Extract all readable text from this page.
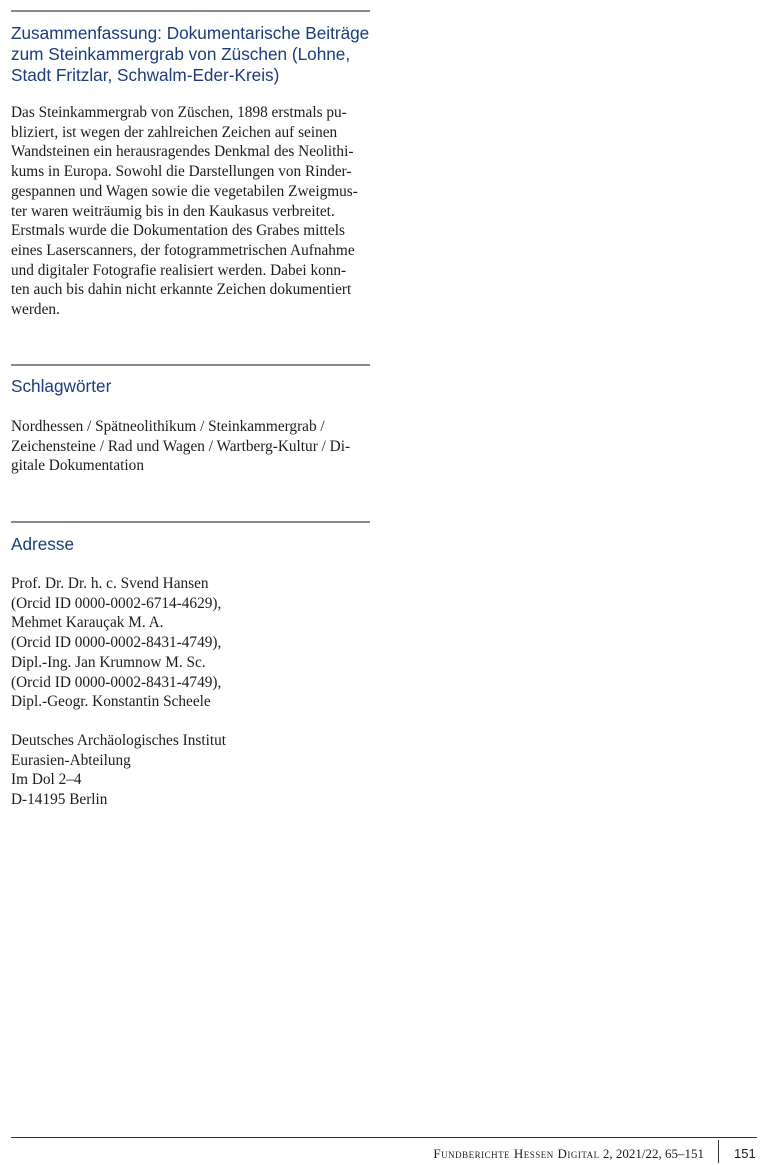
Zusammenfassung: Dokumentarische Beiträge zum Steinkammergrab von Züschen (Lohne, Stadt Fritzlar, Schwalm-Eder-Kreis)
Das Steinkammergrab von Züschen, 1898 erstmals pu-
bliziert, ist wegen der zahlreichen Zeichen auf seinen
Wandsteinen ein herausragendes Denkmal des Neolithi-
kums in Europa. Sowohl die Darstellungen von Rinder-
gespannen und Wagen sowie die vegetabilen Zweigmus-
ter waren weiträumig bis in den Kaukasus verbreitet.
Erstmals wurde die Dokumentation des Grabes mittels
eines Laserscanners, der fotogrammetrischen Aufnahme
und digitaler Fotografie realisiert werden. Dabei konn-
ten auch bis dahin nicht erkannte Zeichen dokumentiert
werden.
Schlagwörter
Nordhessen / Spätneolithikum / Steinkammergrab /
Zeichensteine / Rad und Wagen / Wartberg-Kultur / Di-
gitale Dokumentation
Adresse
Prof. Dr. Dr. h. c. Svend Hansen
(Orcid ID 0000-0002-6714-4629),
Mehmet Karauçak M. A.
(Orcid ID 0000-0002-8431-4749),
Dipl.-Ing. Jan Krumnow M. Sc.
(Orcid ID 0000-0002-8431-4749),
Dipl.-Geogr. Konstantin Scheele
Deutsches Archäologisches Institut
Eurasien-Abteilung
Im Dol 2–4
D-14195 Berlin
Fundberichte Hessen Digital 2, 2021/22, 65–151 151
